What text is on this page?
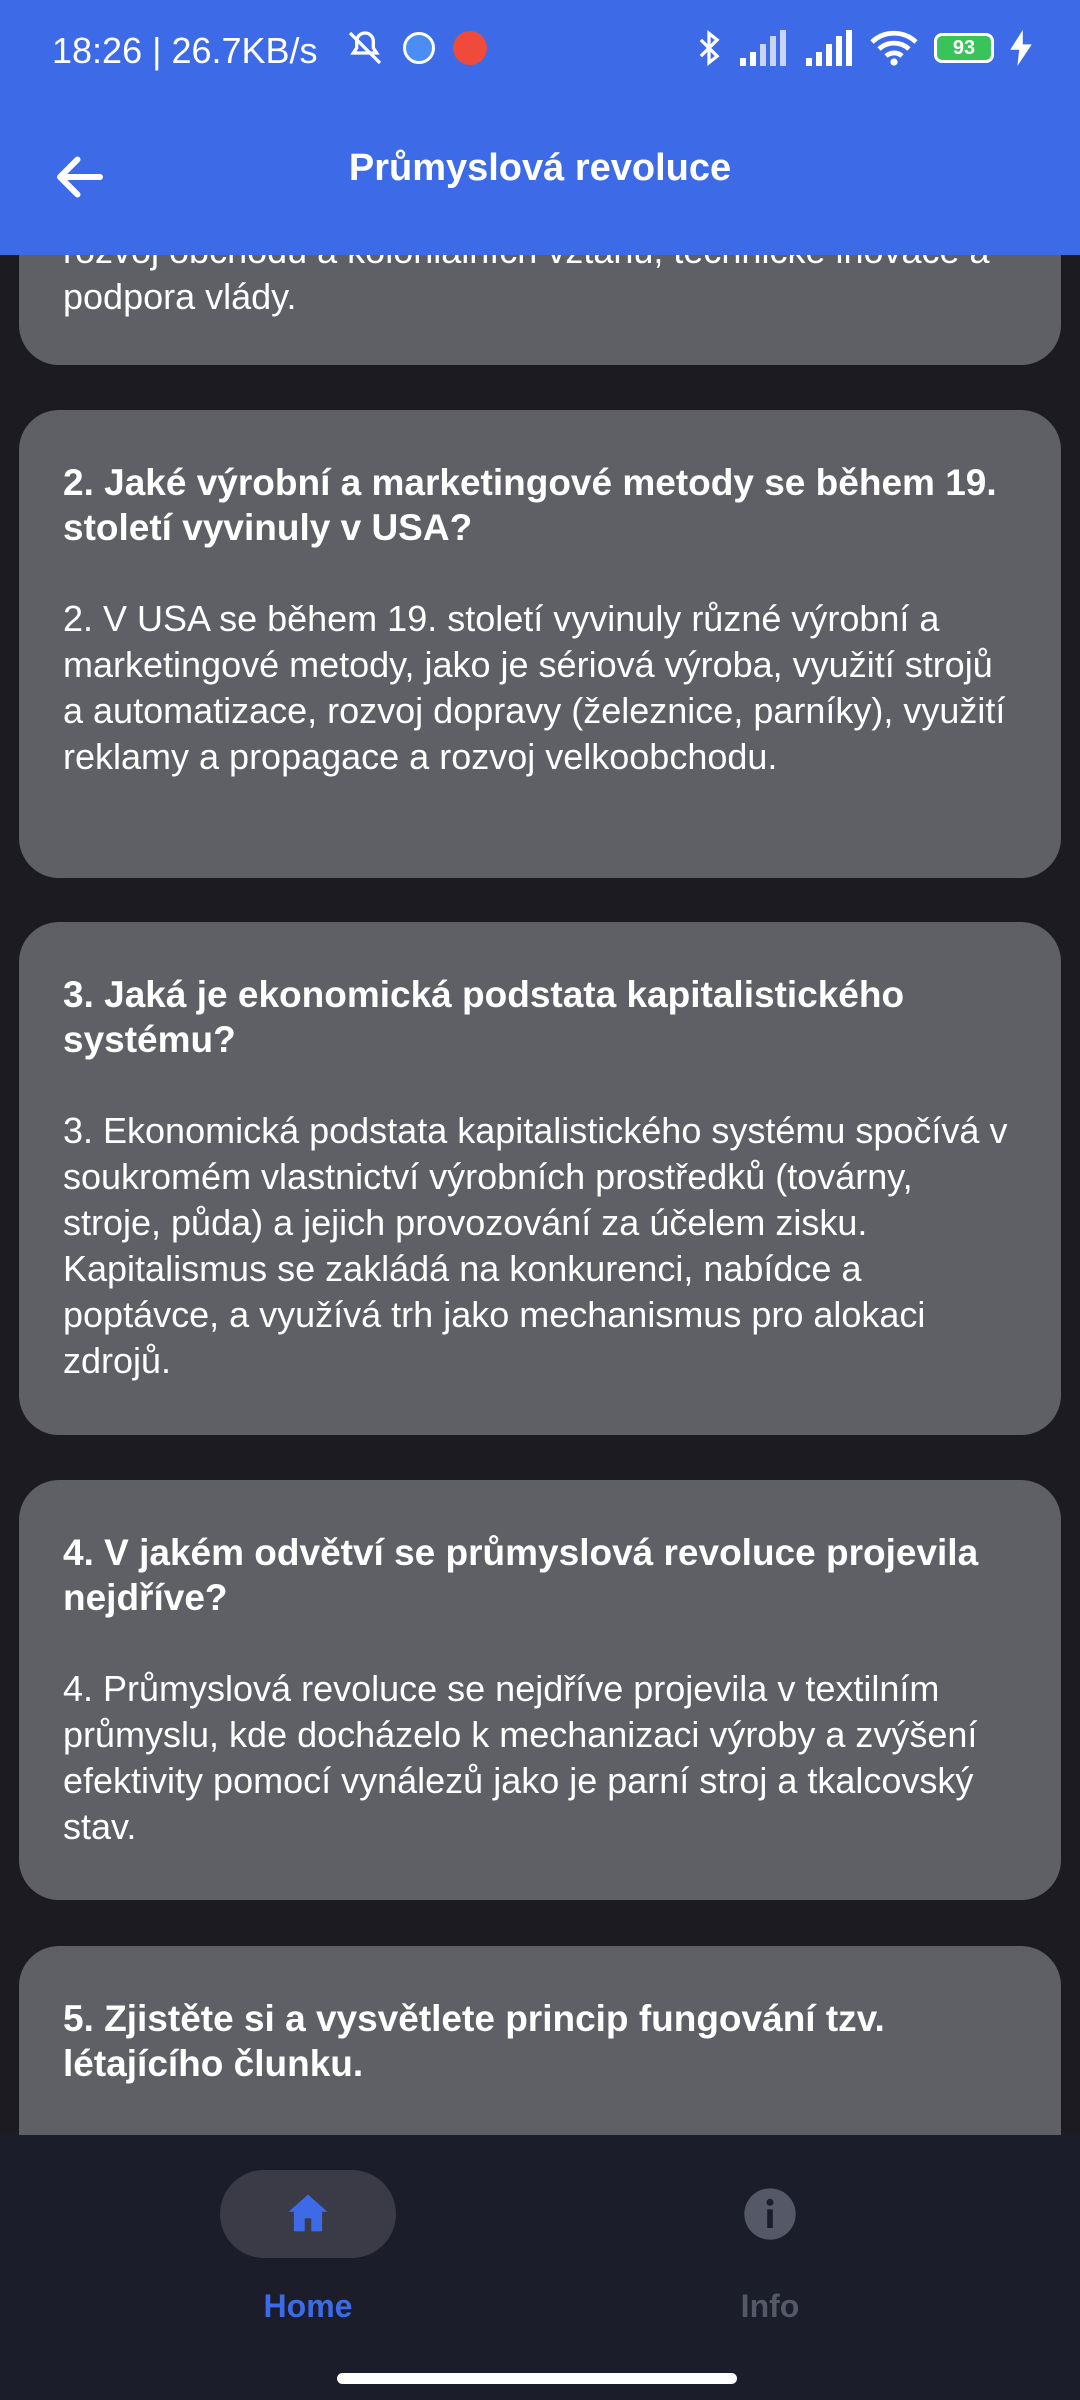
podpora vlády.

2. Jaké výrobní a marketingové metody se během 19. století vyvinuly v USA?

2. V USA se během 19. století vyvinuly různé výrobní a marketingové metody, jako je sériová výroba, využití strojů a automatizace, rozvoj dopravy (železnice, parníky), využití reklamy a propagace a rozvoj velkoobchodu.

3. Jaká je ekonomická podstata kapitalistického systému?

3. Ekonomická podstata kapitalistického systému spočívá v soukromém vlastnictví výrobních prostředků (továrny, stroje, půda) a jejich provozování za účelem zisku. Kapitalismus se zakládá na konkurenci, nabídce a poptávce, a využívá trh jako mechanismus pro alokaci zdrojů.

4. V jakém odvětví se průmyslová revoluce projevila nejdříve?

4. Průmyslová revoluce se nejdříve projevila v textilním průmyslu, kde docházelo k mechanizaci výroby a zvýšení efektivity pomocí vynálezů jako je parní stroj a tkalcovský stav.

5. Zjistěte si a vysvětlete princip fungování tzv. létajícího člunku.

18:26 | 26.7KB/s	93
Průmyslová revoluce
Home	Info
